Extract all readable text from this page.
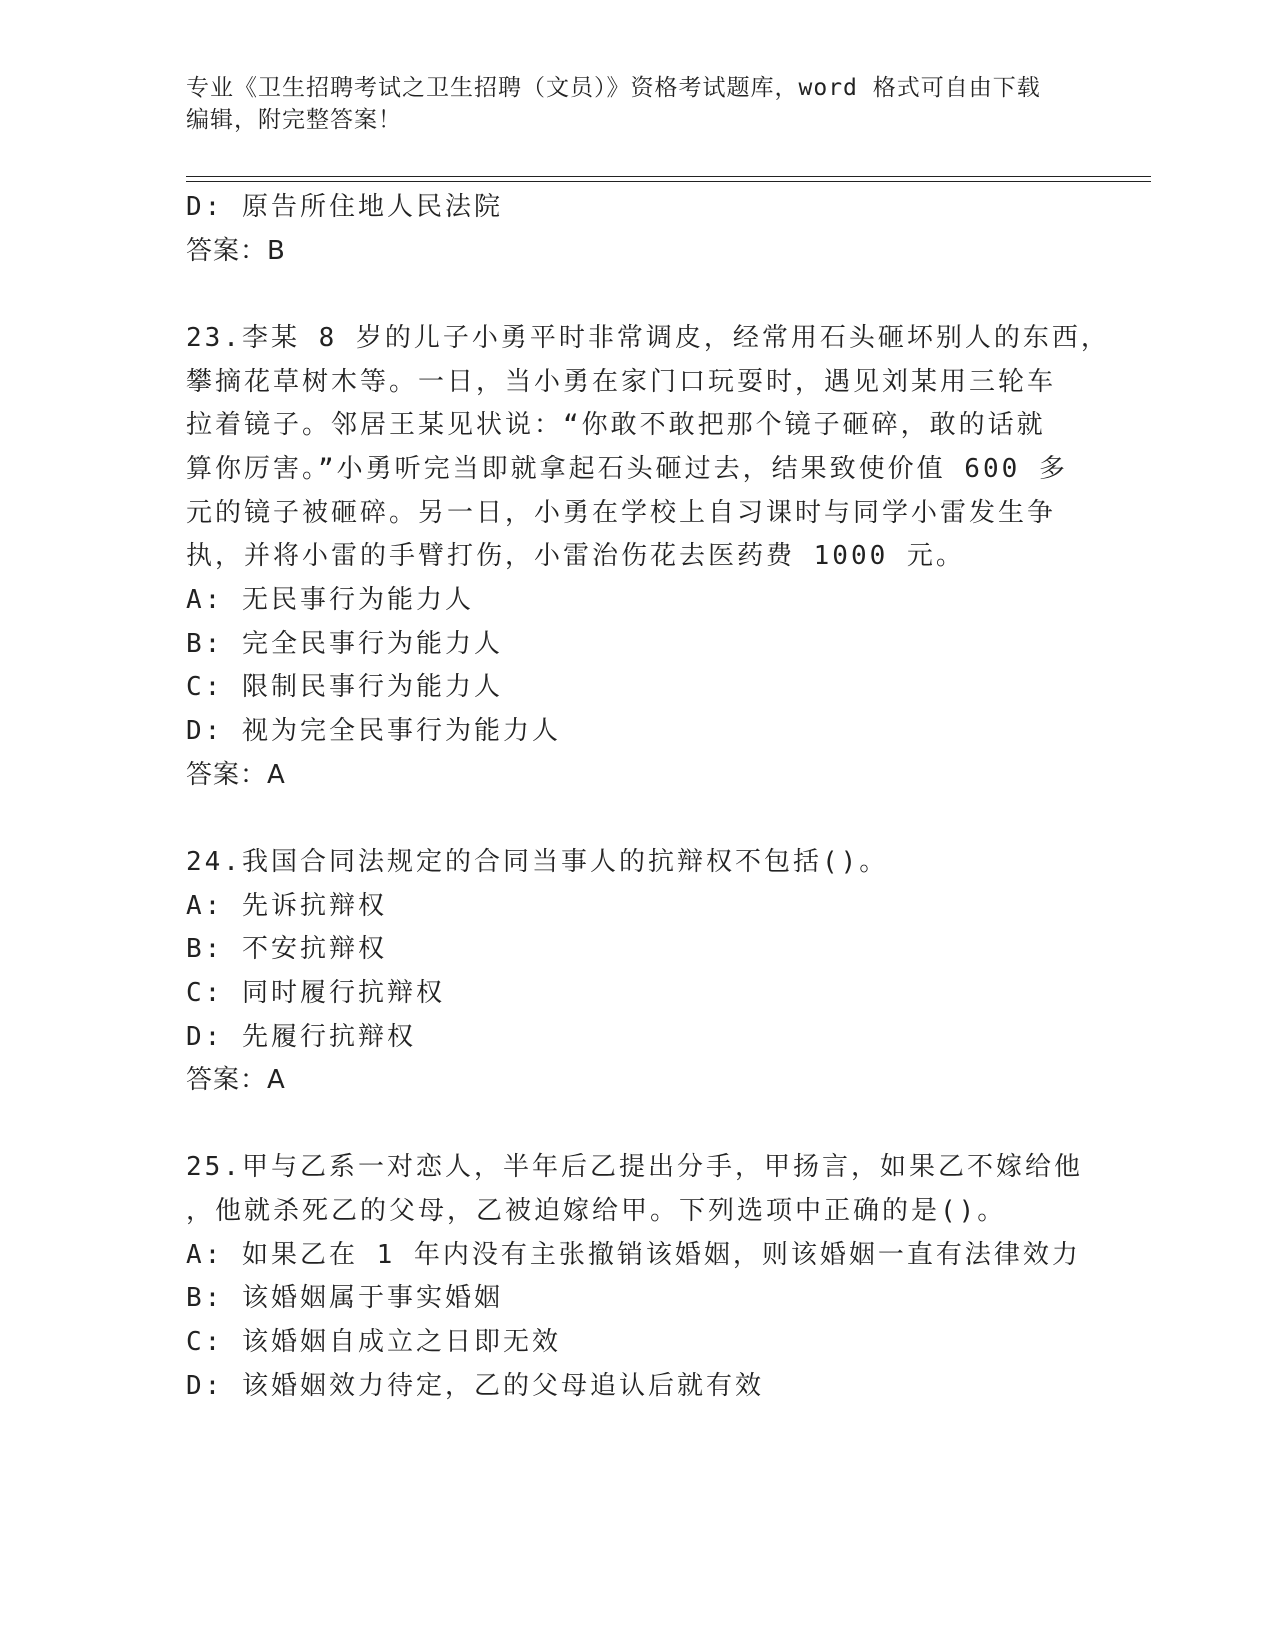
专业《卫生招聘考试之卫生招聘（文员）》资格考试题库，word 格式可自由下载
编辑，附完整答案！
D: 原告所住地人民法院
答案：B
23.李某 8 岁的儿子小勇平时非常调皮，经常用石头砸坏别人的东西，
攀摘花草树木等。一日，当小勇在家门口玩耍时，遇见刘某用三轮车
拉着镜子。邻居王某见状说：“你敢不敢把那个镜子砸碎，敢的话就
算你厉害。”小勇听完当即就拿起石头砸过去，结果致使价值 600 多
元的镜子被砸碎。另一日，小勇在学校上自习课时与同学小雷发生争
执，并将小雷的手臂打伤，小雷治伤花去医药费 1000 元。
A: 无民事行为能力人
B: 完全民事行为能力人
C: 限制民事行为能力人
D: 视为完全民事行为能力人
答案：A
24.我国合同法规定的合同当事人的抗辩权不包括()。
A: 先诉抗辩权
B: 不安抗辩权
C: 同时履行抗辩权
D: 先履行抗辩权
答案：A
25.甲与乙系一对恋人，半年后乙提出分手，甲扬言，如果乙不嫁给他
，他就杀死乙的父母，乙被迫嫁给甲。下列选项中正确的是()。
A: 如果乙在 1 年内没有主张撤销该婚姻，则该婚姻一直有法律效力
B: 该婚姻属于事实婚姻
C: 该婚姻自成立之日即无效
D: 该婚姻效力待定，乙的父母追认后就有效
